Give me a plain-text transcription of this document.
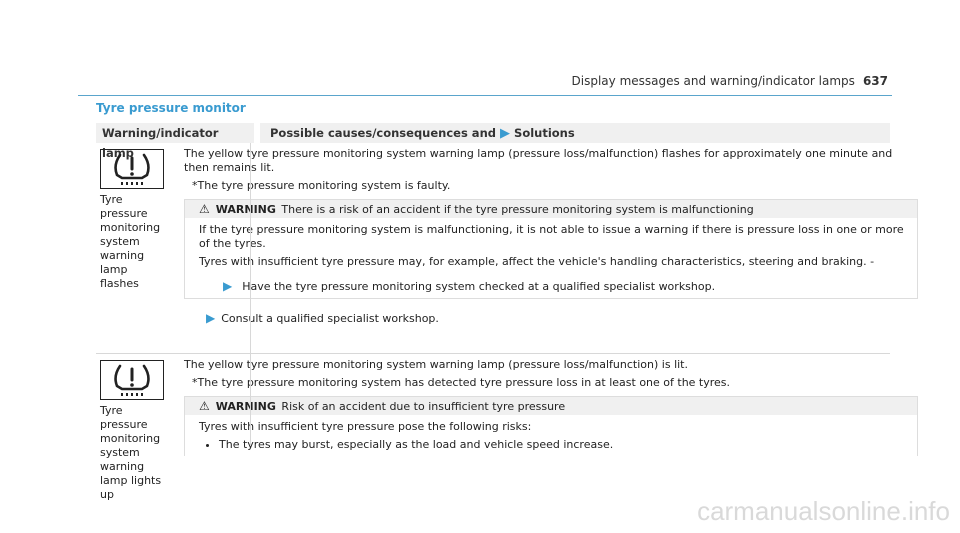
Display messages and warning/indicator lamps 637
Tyre pressure monitor
Warning/indicator lamp
Possible causes/consequences and ▶ Solutions
Tyre pressure monitoring system warning lamp flashes
The yellow tyre pressure monitoring system warning lamp (pressure loss/malfunction) flashes for approximately one minute and then remains lit.
*The tyre pressure monitoring system is faulty.
⚠ WARNING There is a risk of an accident if the tyre pressure monitoring system is malfunctioning

If the tyre pressure monitoring system is malfunctioning, it is not able to issue a warning if there is pressure loss in one or more of the tyres.

Tyres with insufficient tyre pressure may, for example, affect the vehicle's handling characteristics, steering and braking. -

▶ Have the tyre pressure monitoring system checked at a qualified specialist workshop.
▶ Consult a qualified specialist workshop.
Tyre pressure monitoring system warning lamp lights up
The yellow tyre pressure monitoring system warning lamp (pressure loss/malfunction) is lit.
*The tyre pressure monitoring system has detected tyre pressure loss in at least one of the tyres.
⚠ WARNING Risk of an accident due to insufficient tyre pressure

Tyres with insufficient tyre pressure pose the following risks:

• The tyres may burst, especially as the load and vehicle speed increase.
carmanualsonline.info
